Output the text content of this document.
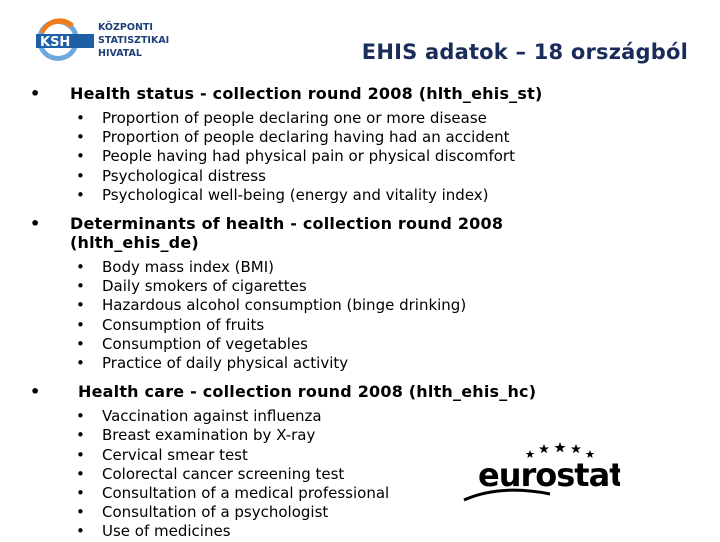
KSH
KÖZPONTI
STATISZTIKAI
HIVATAL	EHIS adatok – 18 országból
• Health status - collection round 2008 (hlth_ehis_st)
• Proportion of people declaring one or more disease
• Proportion of people declaring having had an accident
• People having had physical pain or physical discomfort
• Psychological distress
• Psychological well-being (energy and vitality index)
• Determinants of health - collection round 2008
(hlth_ehis_de)
• Body mass index (BMI)
• Daily smokers of cigarettes
• Hazardous alcohol consumption (binge drinking)
• Consumption of fruits
• Consumption of vegetables
• Practice of daily physical activity
• Health care - collection round 2008 (hlth_ehis_hc)
• Vaccination against influenza
• Breast examination by X-ray
• Cervical smear test
• Colorectal cancer screening test
• Consultation of a medical professional
• Consultation of a psychologist
• Use of medicines
eurostat
